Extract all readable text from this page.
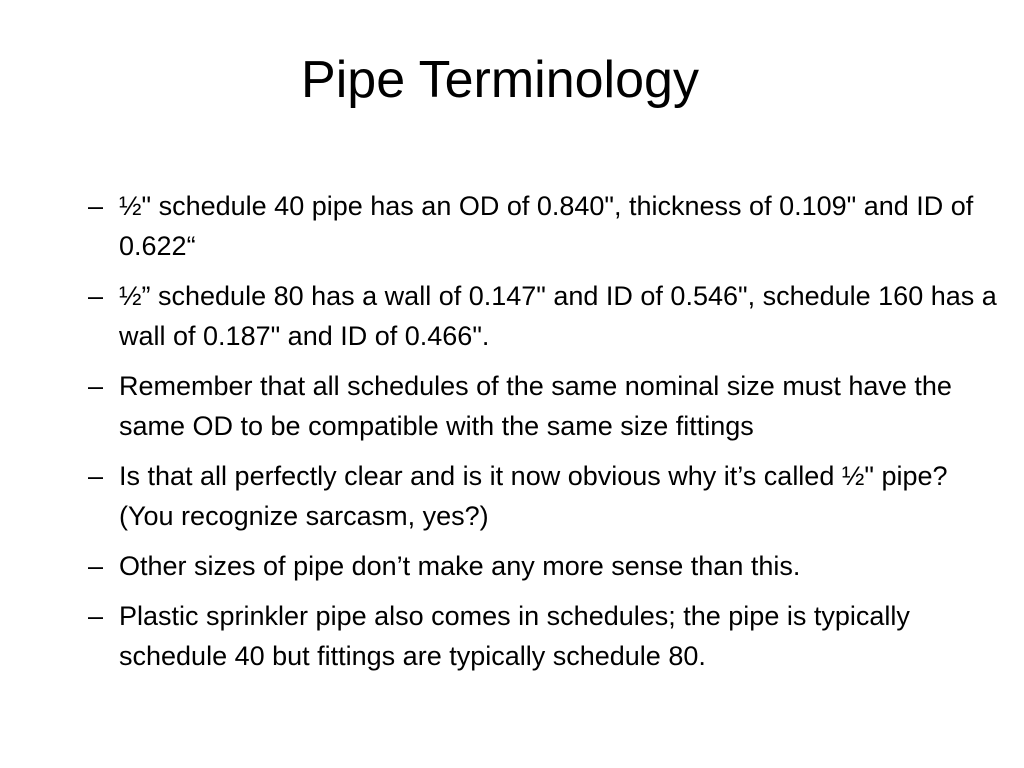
Pipe Terminology
– ½" schedule 40 pipe has an OD of 0.840", thickness of 0.109" and ID of 0.622“
– ½” schedule 80 has a wall of 0.147" and ID of 0.546", schedule 160 has a wall of 0.187" and ID of 0.466".
– Remember that all schedules of the same nominal size must have the same OD to be compatible with the same size fittings
– Is that all perfectly clear and is it now obvious why it’s called ½" pipe? (You recognize sarcasm, yes?)
– Other sizes of pipe don’t make any more sense than this.
– Plastic sprinkler pipe also comes in schedules; the pipe is typically schedule 40 but fittings are typically schedule 80.
